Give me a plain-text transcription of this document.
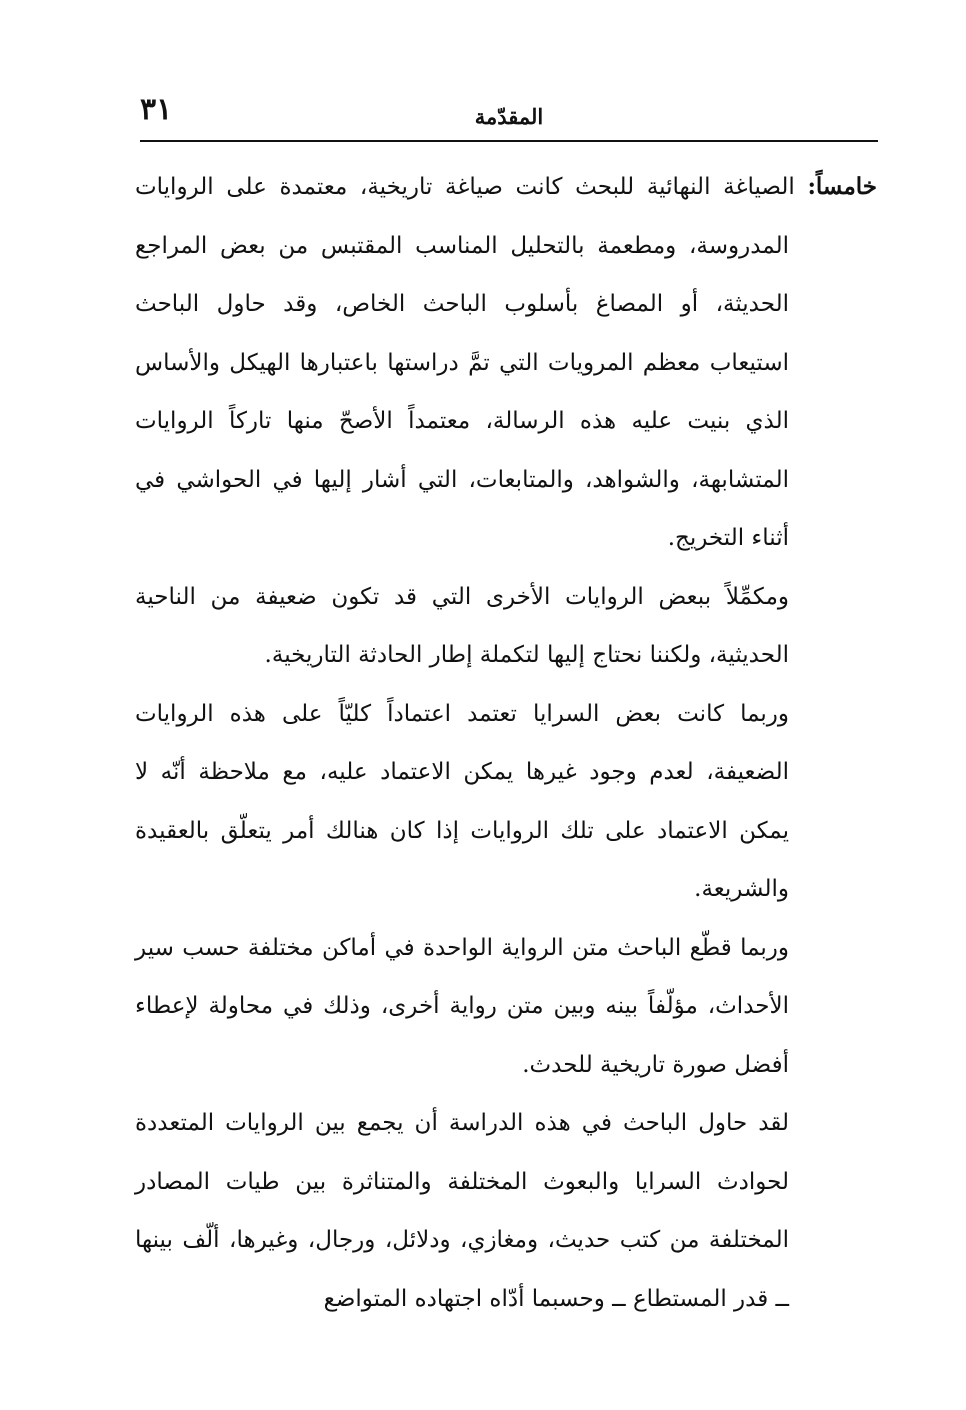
٣١	المقدّمة

خامساً: الصياغة النهائية للبحث كانت صياغة تاريخية، معتمدة على الروايات المدروسة، ومطعمة بالتحليل المناسب المقتبس من بعض المراجع الحديثة، أو المصاغ بأسلوب الباحث الخاص، وقد حاول الباحث استيعاب معظم المرويات التي تمَّ دراستها باعتبارها الهيكل والأساس الذي بنيت عليه هذه الرسالة، معتمداً الأصحّ منها تاركاً الروايات المتشابهة، والشواهد، والمتابعات، التي أشار إليها في الحواشي في أثناء التخريج.

ومكمِّلاً ببعض الروايات الأخرى التي قد تكون ضعيفة من الناحية الحديثية، ولكننا نحتاج إليها لتكملة إطار الحادثة التاريخية.

وربما كانت بعض السرايا تعتمد اعتماداً كليّاً على هذه الروايات الضعيفة، لعدم وجود غيرها يمكن الاعتماد عليه، مع ملاحظة أنّه لا يمكن الاعتماد على تلك الروايات إذا كان هنالك أمر يتعلّق بالعقيدة والشريعة.

وربما قطّع الباحث متن الرواية الواحدة في أماكن مختلفة حسب سير الأحداث، مؤلّفاً بينه وبين متن رواية أخرى، وذلك في محاولة لإعطاء أفضل صورة تاريخية للحدث.

لقد حاول الباحث في هذه الدراسة أن يجمع بين الروايات المتعددة لحوادث السرايا والبعوث المختلفة والمتناثرة بين طيات المصادر المختلفة من كتب حديث، ومغازي، ودلائل، ورجال، وغيرها، ألّف بينها ــ قدر المستطاع ــ وحسبما أدّاه اجتهاده المتواضع
